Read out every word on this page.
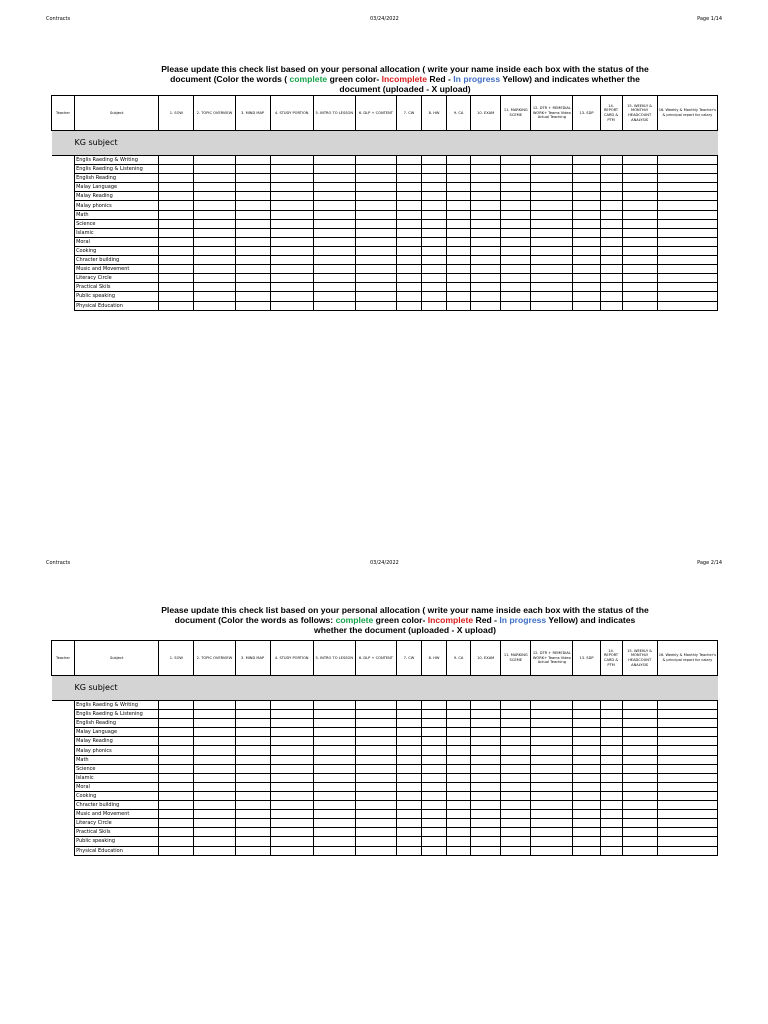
Contracts	03/24/2022	Page 1/14
Please update this check list based on your personal allocation ( write your name inside each box with the status of the document (Color the words ( complete green color- Incomplete Red - In progress Yellow) and indicates whether the document (uploaded - X upload)
Teacher	Subject	1. SOW	2. TOPIC OVERVIEW	3. MIND MAP	4. STUDY PORTION	5. INTRO TO LESSON	6. DLP + CONTENT	7. CW	8. HW	9. CA	10. EXAM	11. MARKING SCEME	12. DTR + REMEDIAL WORK+ Teams Video Actual Teaching	13. SDP	14. REPORT CARD & PTM	15. WEEKLY & MONTHLY HEADCOUNT ANALYSIS	16. Weekly & Monthly Teacher's & principal report for calary
KG subject																	
	Englis Raeding & Writing																
	Englis Raeding & Listening																
	English Reading																
	Malay Language																
	Malay Reading																
	Malay phonics																
	Math																
	Science																
	Islamic																
	Moral																
	Cooking																
	Chracter building																
	Music and Movement																
	Literacy Circle																
	Practical Skils																
	Public speaking																
	Physical Education																
Contracts	03/24/2022	Page 2/14
Please update this check list based on your personal allocation ( write your name inside each box with the status of the document (Color the words as follows: complete green color- Incomplete Red - In progress Yellow) and indicates whether the document (uploaded - X upload)
Teacher	Subject	1. SOW	2. TOPIC OVERVIEW	3. MIND MAP	4. STUDY PORTION	5. INTRO TO LESSON	6. DLP + CONTENT	7. CW	8. HW	9. CA	10. EXAM	11. MARKING SCEME	12. DTR + REMEDIAL WORK+ Teams Video Actual Teaching	13. SDP	14. REPORT CARD & PTM	15. WEEKLY & MONTHLY HEADCOUNT ANALYSIS	16. Weekly & Monthly Teacher's & principal report for calary
KG subject																	
	Englis Raeding & Writing																
	Englis Raeding & Listening																
	English Reading																
	Malay Language																
	Malay Reading																
	Malay phonics																
	Math																
	Science																
	Islamic																
	Moral																
	Cooking																
	Chracter building																
	Music and Movement																
	Literacy Circle																
	Practical Skils																
	Public speaking																
	Physical Education																
